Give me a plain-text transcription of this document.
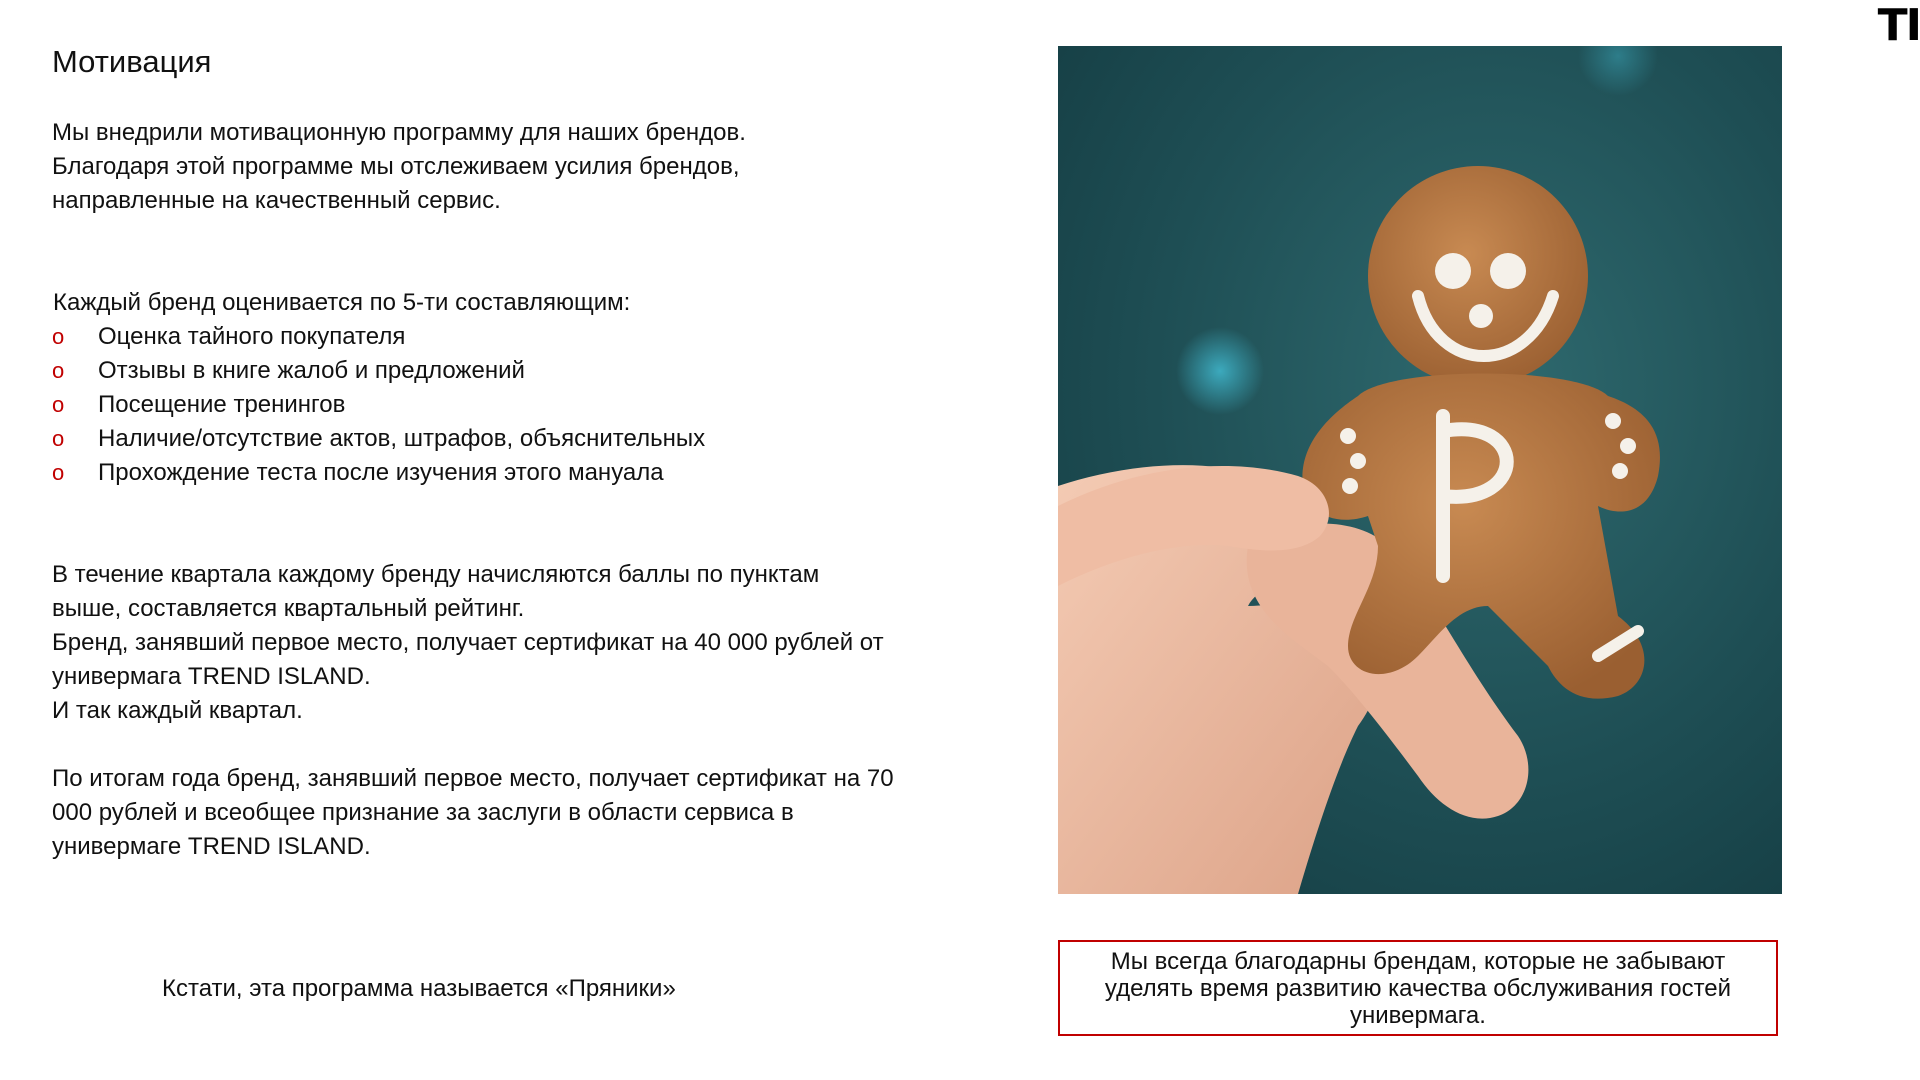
TI
Мотивация

Мы внедрили мотивационную программу для наших брендов.
Благодаря этой программе мы отслеживаем усилия брендов,
направленные на качественный сервис.

Каждый бренд оценивается по 5-ти составляющим:

o	Оценка тайного покупателя
o	Отзывы в книге жалоб и предложений
o	Посещение тренингов
o	Наличие/отсутствие актов, штрафов, объяснительных
o	Прохождение теста после изучения этого мануала

В течение квартала каждому бренду начисляются баллы по пунктам
выше, составляется квартальный рейтинг.
Бренд, занявший первое место, получает сертификат на 40 000 рублей от
универмага TREND ISLAND.
И так каждый квартал.

По итогам года бренд, занявший первое место, получает сертификат на 70
000 рублей и всеобщее признание за заслуги в области сервиса в
универмаге TREND ISLAND.

Кстати, эта программа называется «Пряники»
Мы всегда благодарны брендам, которые не забывают
уделять время развитию качества обслуживания гостей
универмага.
